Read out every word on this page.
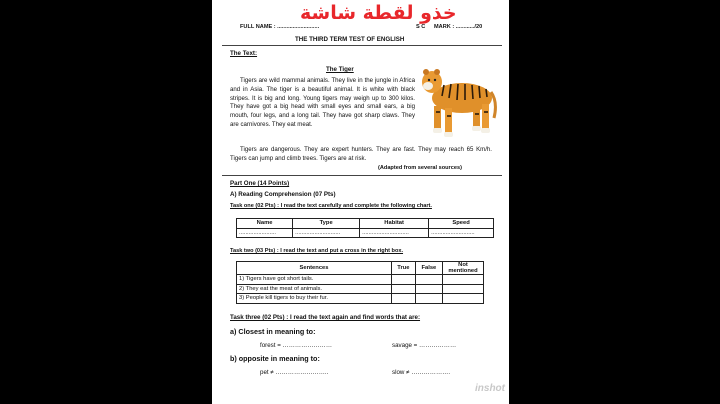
خذو لقطة شاشة
FULL NAME : ...........................	S C MARK : ............/20
THE THIRD TERM TEST OF ENGLISH
The Text:
The Tiger

Tigers are wild mammal animals. They live in the jungle in Africa and in Asia. The tiger is a beautiful animal. It is white with black stripes. It is big and long. Young tigers may weigh up to 300 kilos. They have got a big head with small eyes and small ears, a big mouth, four legs, and a long tail. They have got sharp claws. They are carnivores. They eat meat.

Tigers are dangerous. They are expert hunters. They are fast. They may reach 65 Km/h. Tigers can jump and climb trees. Tigers are at risk.

(Adapted from several sources)
Part One (14 Points)
A) Reading Comprehension (07 Pts)
Task one (02 Pts) : I read the text carefully and complete the following chart.
Name	Type	Habitat	Speed
.......................	............................	.............................	...........................
Task two (03 Pts) : I read the text and put a cross in the right box.
Sentences	True	False	Not mentioned
1) Tigers have got short tails.			
2) They eat the meat of animals.			
3) People kill tigers to buy their fur.			
Task three (02 Pts) : I read the text again and find words that are:
a) Closest in meaning to:
forest = ……………………	savage = ………………
b) opposite in meaning to:
pet ≠ ……………………..	slow ≠ ……………….
inshot
